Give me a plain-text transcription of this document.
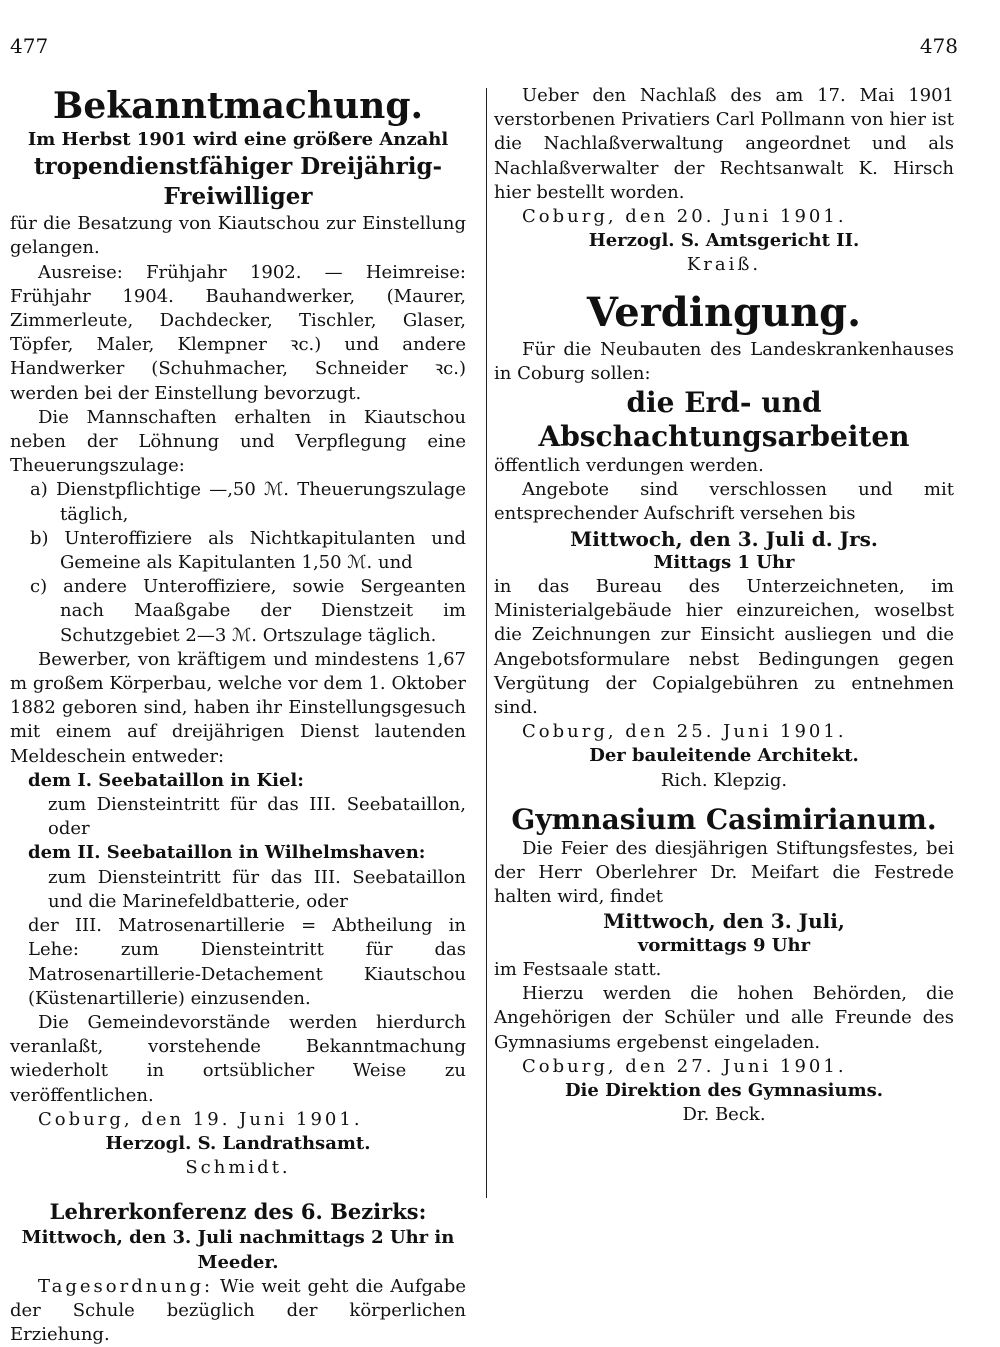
477	478

Bekanntmachung.

Im Herbst 1901 wird eine größere Anzahl

tropendienstfähiger Dreijährig-Freiwilliger

für die Besatzung von Kiautschou zur Einstellung gelangen.

Ausreise: Frühjahr 1902. — Heimreise: Frühjahr 1904. Bauhandwerker, (Maurer, Zimmerleute, Dachdecker, Tischler, Glaser, Töpfer, Maler, Klempner ꝛc.) und andere Handwerker (Schuhmacher, Schneider ꝛc.) werden bei der Einstellung bevorzugt.

Die Mannschaften erhalten in Kiautschou neben der Löhnung und Verpflegung eine Theuerungszulage:

a) Dienstpflichtige —,50 ℳ. Theuerungszulage täglich,

b) Unteroffiziere als Nichtkapitulanten und Gemeine als Kapitulanten 1,50 ℳ. und

c) andere Unteroffiziere, sowie Sergeanten nach Maaßgabe der Dienstzeit im Schutzgebiet 2—3 ℳ. Ortszulage täglich.

Bewerber, von kräftigem und mindestens 1,67 m großem Körperbau, welche vor dem 1. Oktober 1882 geboren sind, haben ihr Einstellungsgesuch mit einem auf dreijährigen Dienst lautenden Meldeschein entweder:

dem I. Seebataillon in Kiel:

zum Diensteintritt für das III. Seebataillon, oder

dem II. Seebataillon in Wilhelmshaven:

zum Diensteintritt für das III. Seebataillon und die Marinefeldbatterie, oder

der III. Matrosenartillerie = Abtheilung in Lehe: zum Diensteintritt für das Matrosenartillerie-Detachement Kiautschou (Küstenartillerie) einzusenden.

Die Gemeindevorstände werden hierdurch veranlaßt, vorstehende Bekanntmachung wiederholt in ortsüblicher Weise zu veröffentlichen.

Coburg, den 19. Juni 1901.

Herzogl. S. Landrathsamt.

Schmidt.

Lehrerkonferenz des 6. Bezirks:

Mittwoch, den 3. Juli nachmittags 2 Uhr in Meeder.

Tagesordnung: Wie weit geht die Aufgabe der Schule bezüglich der körperlichen Erziehung.

Ueber den Nachlaß des am 17. Mai 1901 verstorbenen Privatiers Carl Pollmann von hier ist die Nachlaßverwaltung angeordnet und als Nachlaßverwalter der Rechtsanwalt K. Hirsch hier bestellt worden.

Coburg, den 20. Juni 1901.

Herzogl. S. Amtsgericht II.

Kraiß.

Verdingung.

Für die Neubauten des Landeskrankenhauses in Coburg sollen:

die Erd- und Abschachtungsarbeiten

öffentlich verdungen werden.

Angebote sind verschlossen und mit entsprechender Aufschrift versehen bis

Mittwoch, den 3. Juli d. Jrs.

Mittags 1 Uhr

in das Bureau des Unterzeichneten, im Ministerialgebäude hier einzureichen, woselbst die Zeichnungen zur Einsicht ausliegen und die Angebotsformulare nebst Bedingungen gegen Vergütung der Copialgebühren zu entnehmen sind.

Coburg, den 25. Juni 1901.

Der bauleitende Architekt.

Rich. Klepzig.

Gymnasium Casimirianum.

Die Feier des diesjährigen Stiftungsfestes, bei der Herr Oberlehrer Dr. Meifart die Festrede halten wird, findet

Mittwoch, den 3. Juli,

vormittags 9 Uhr

im Festsaale statt.

Hierzu werden die hohen Behörden, die Angehörigen der Schüler und alle Freunde des Gymnasiums ergebenst eingeladen.

Coburg, den 27. Juni 1901.

Die Direktion des Gymnasiums.

Dr. Beck.
